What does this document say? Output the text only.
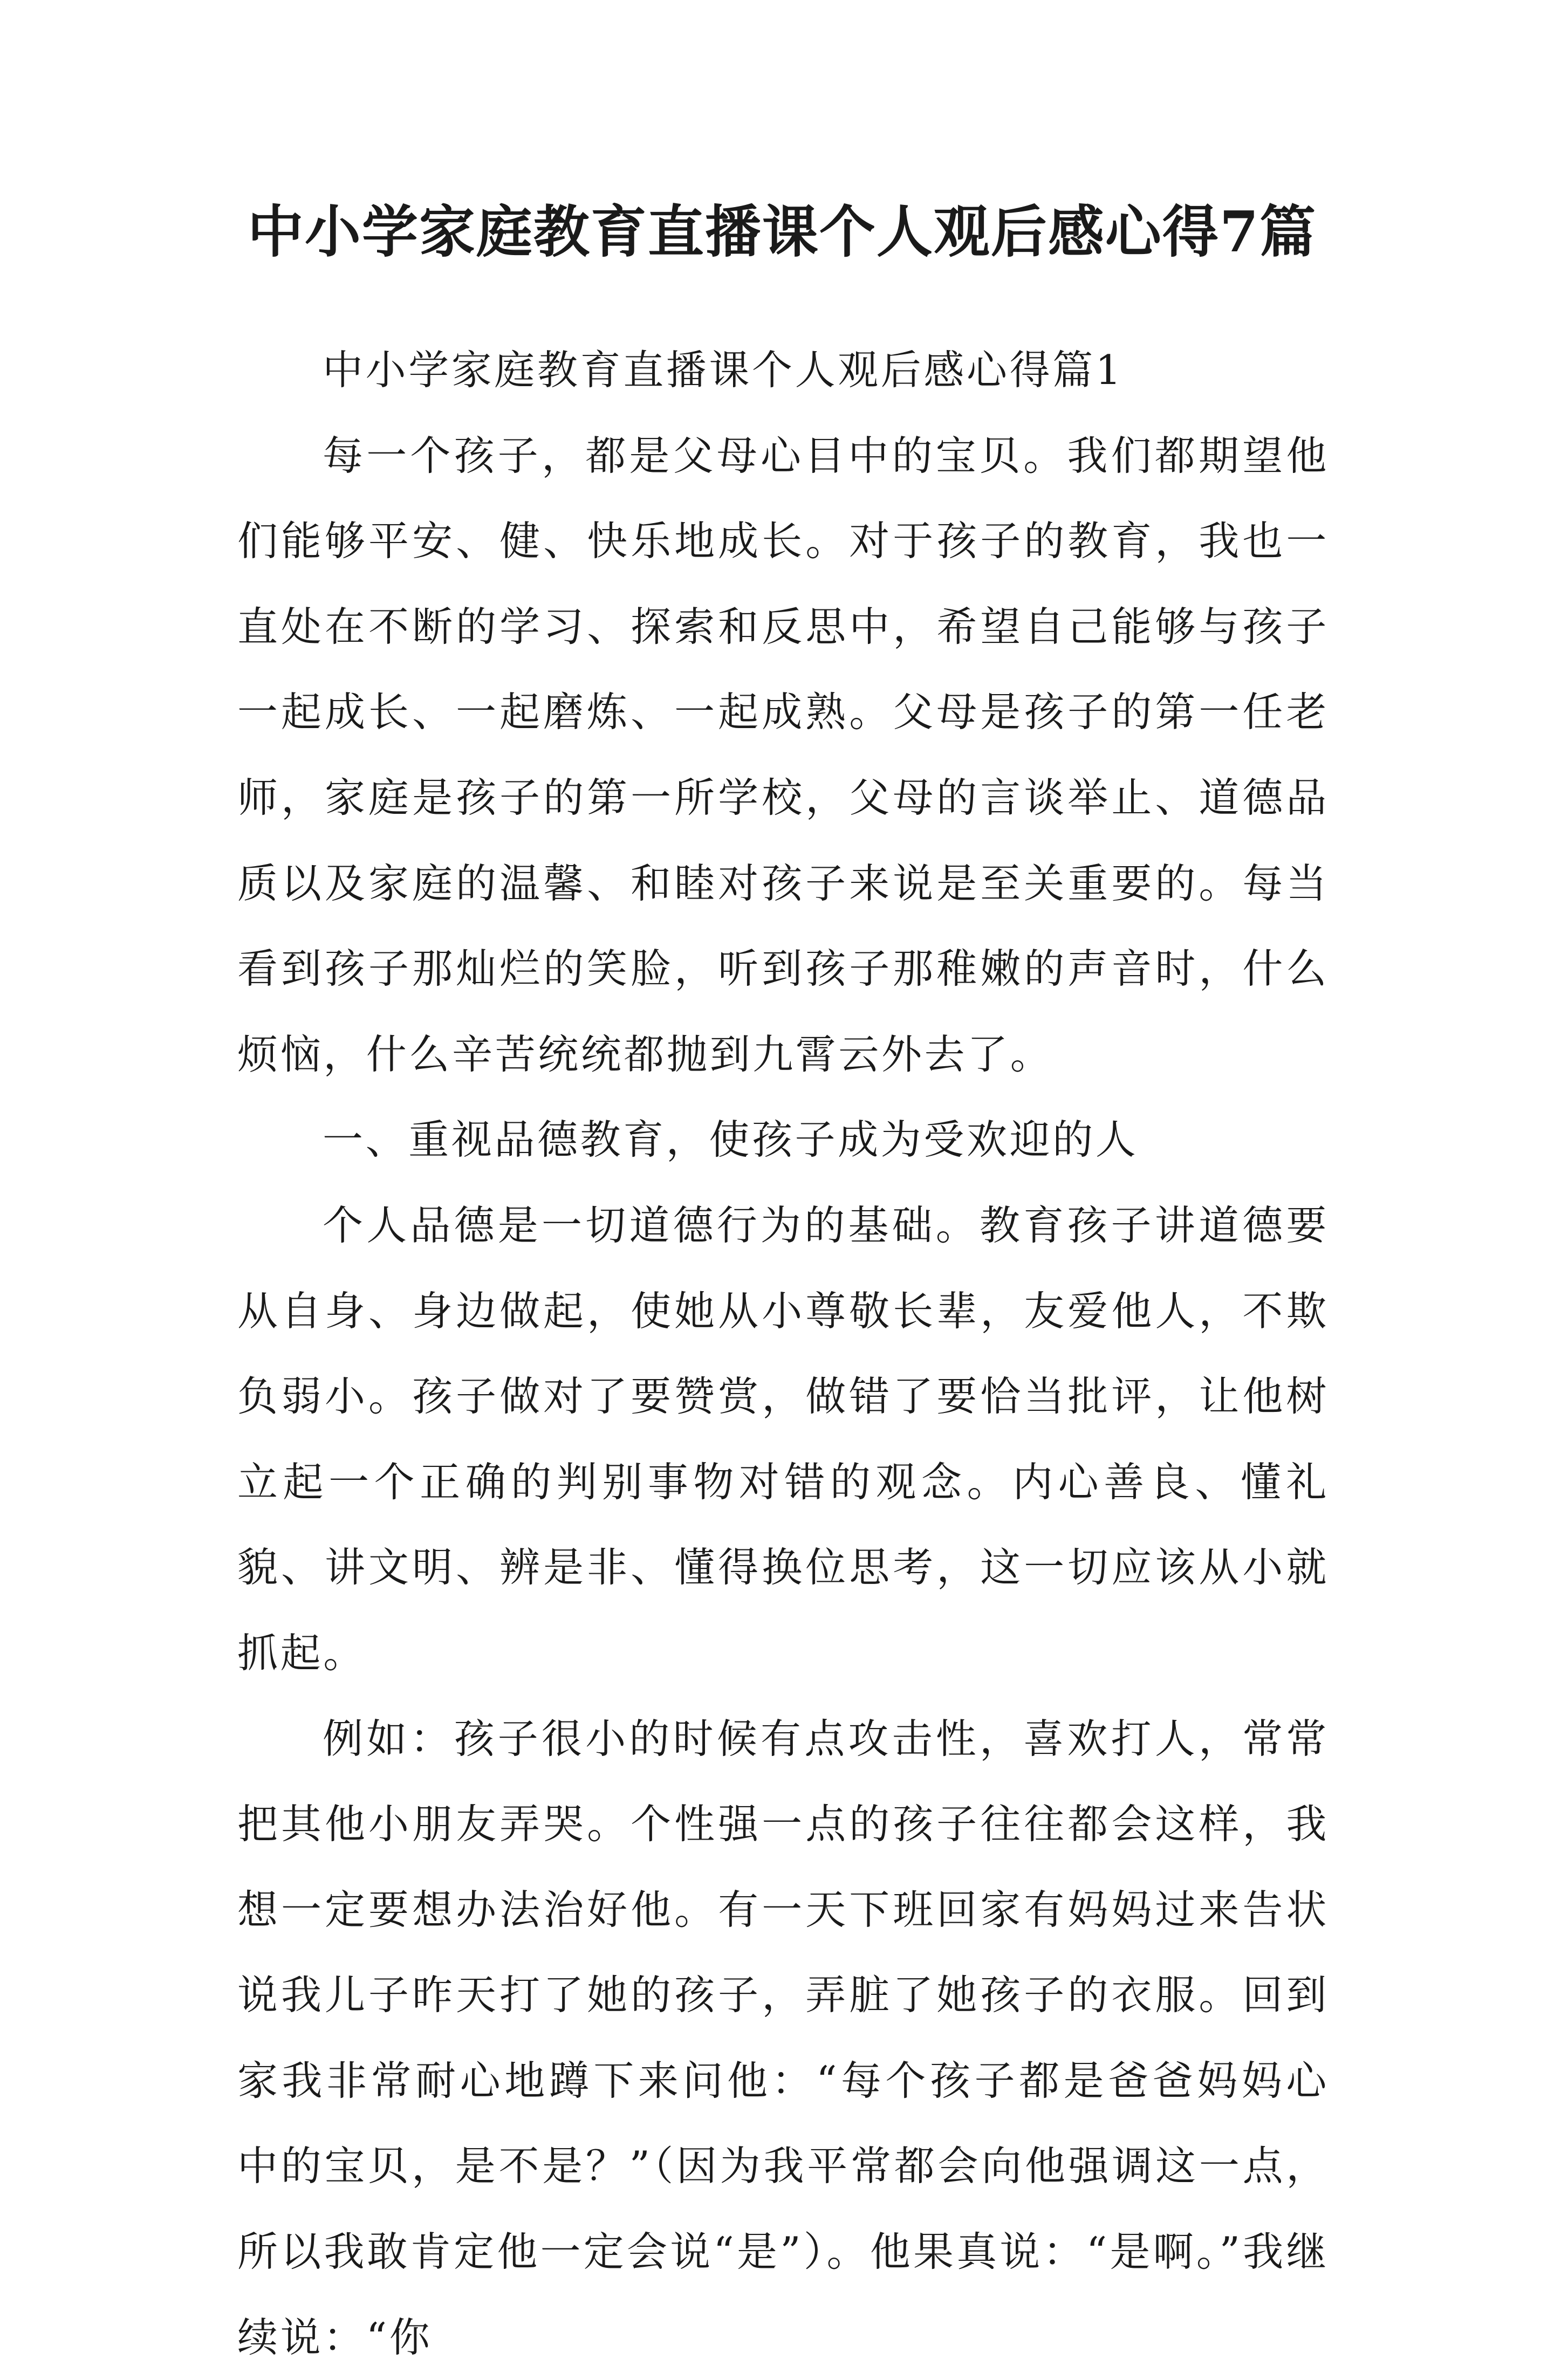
中小学家庭教育直播课个人观后感心得7篇

中小学家庭教育直播课个人观后感心得篇1

每一个孩子，都是父母心目中的宝贝。我们都期望他们能够平安、健、快乐地成长。对于孩子的教育，我也一直处在不断的学习、探索和反思中，希望自己能够与孩子一起成长、一起磨炼、一起成熟。父母是孩子的第一任老师，家庭是孩子的第一所学校，父母的言谈举止、道德品质以及家庭的温馨、和睦对孩子来说是至关重要的。每当看到孩子那灿烂的笑脸，听到孩子那稚嫩的声音时，什么烦恼，什么辛苦统统都抛到九霄云外去了。

一、重视品德教育，使孩子成为受欢迎的人

个人品德是一切道德行为的基础。教育孩子讲道德要从自身、身边做起，使她从小尊敬长辈，友爱他人，不欺负弱小。孩子做对了要赞赏，做错了要恰当批评，让他树立起一个正确的判别事物对错的观念。内心善良、懂礼貌、讲文明、辨是非、懂得换位思考，这一切应该从小就抓起。

例如：孩子很小的时候有点攻击性，喜欢打人，常常把其他小朋友弄哭。个性强一点的孩子往往都会这样，我想一定要想办法治好他。有一天下班回家有妈妈过来告状说我儿子昨天打了她的孩子，弄脏了她孩子的衣服。回到家我非常耐心地蹲下来问他：“每个孩子都是爸爸妈妈心中的宝贝，是不是？”（因为我平常都会向他强调这一点，所以我敢肯定他一定会说“是”）。他果真说：“是啊。”我继续说：“你
